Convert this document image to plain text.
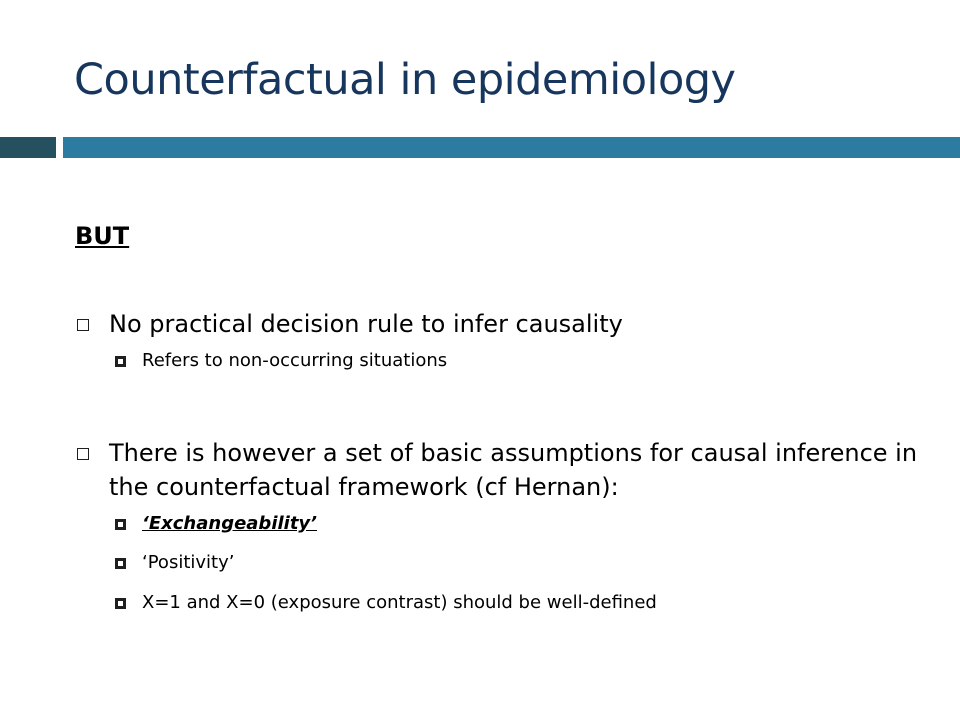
Counterfactual in epidemiology
BUT
No practical decision rule to infer causality
Refers to non-occurring situations
There is however a set of basic assumptions for causal inference in the counterfactual framework (cf Hernan):
‘Exchangeability’
‘Positivity’
X=1 and X=0 (exposure contrast) should be well-defined
